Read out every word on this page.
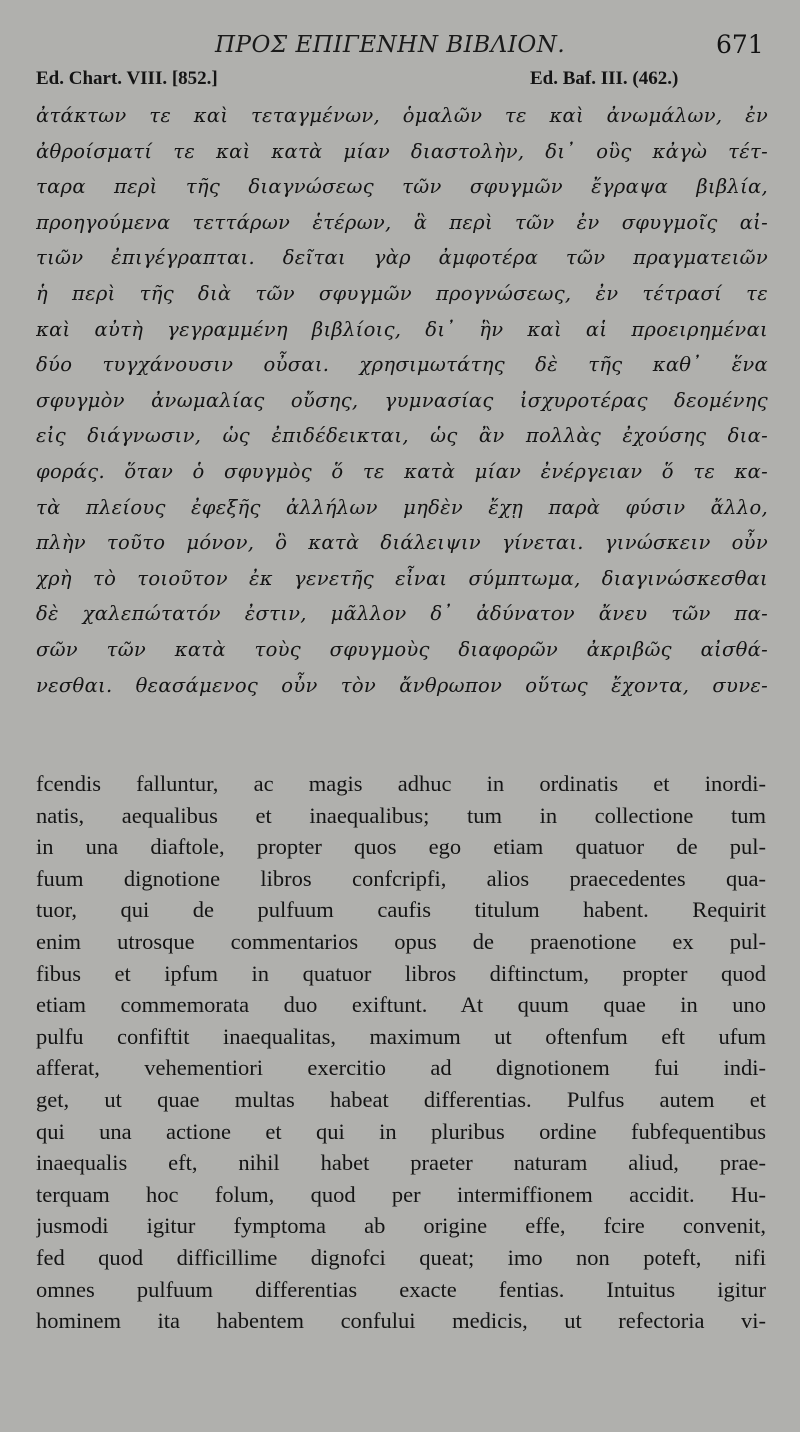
ΠΡΟΣ ΕΠΙΓΕΝΗΝ ΒΙΒΛΙΟΝ.	671
Ed. Chart. VIII. [852.]	Ed. Baf. III. (462.)
ἀτάκτων τε καὶ τεταγμένων, ὁμαλῶν τε καὶ ἀνωμάλων, ἐν
ἀθροίσματί τε καὶ κατὰ μίαν διαστολὴν, δι᾽ οὓς κἀγὼ τέτ-
ταρα περὶ τῆς διαγνώσεως τῶν σφυγμῶν ἔγραψα βιβλία,
προηγούμενα τεττάρων ἑτέρων, ἃ περὶ τῶν ἐν σφυγμοῖς αἰ-
τιῶν ἐπιγέγραπται. δεῖται γὰρ ἀμφοτέρα τῶν πραγματειῶν
ἡ περὶ τῆς διὰ τῶν σφυγμῶν προγνώσεως, ἐν τέτρασί τε
καὶ αὐτὴ γεγραμμένη βιβλίοις, δι᾽ ἣν καὶ αἱ προειρημέναι
δύο τυγχάνουσιν οὖσαι. χρησιμωτάτης δὲ τῆς καθ᾽ ἕνα
σφυγμὸν ἀνωμαλίας οὔσης, γυμνασίας ἰσχυροτέρας δεομένης
εἰς διάγνωσιν, ὡς ἐπιδέδεικται, ὡς ἂν πολλὰς ἐχούσης δια-
φοράς. ὅταν ὁ σφυγμὸς ὅ τε κατὰ μίαν ἐνέργειαν ὅ τε κα-
τὰ πλείους ἐφεξῆς ἀλλήλων μηδὲν ἔχῃ παρὰ φύσιν ἄλλο,
πλὴν τοῦτο μόνον, ὃ κατὰ διάλειψιν γίνεται. γινώσκειν οὖν
χρὴ τὸ τοιοῦτον ἐκ γενετῆς εἶναι σύμπτωμα, διαγινώσκεσθαι
δὲ χαλεπώτατόν ἐστιν, μᾶλλον δ᾽ ἀδύνατον ἄνευ τῶν πα-
σῶν τῶν κατὰ τοὺς σφυγμοὺς διαφορῶν ἀκριβῶς αἰσθά-
νεσθαι. θεασάμενος οὖν τὸν ἄνθρωπον οὕτως ἔχοντα, συνε-
fcendis falluntur, ac magis adhuc in ordinatis et inordi-
natis, aequalibus et inaequalibus; tum in collectione tum
in una diaftole, propter quos ego etiam quatuor de pul-
fuum dignotione libros confcripfi, alios praecedentes qua-
tuor, qui de pulfuum caufis titulum habent. Requirit
enim utrosque commentarios opus de praenotione ex pul-
fibus et ipfum in quatuor libros diftinctum, propter quod
etiam commemorata duo exiftunt. At quum quae in uno
pulfu confiftit inaequalitas, maximum ut oftenfum eft ufum
afferat, vehementiori exercitio ad dignotionem fui indi-
get, ut quae multas habeat differentias. Pulfus autem et
qui una actione et qui in pluribus ordine fubfequentibus
inaequalis eft, nihil habet praeter naturam aliud, prae-
terquam hoc folum, quod per intermiffionem accidit. Hu-
jusmodi igitur fymptoma ab origine effe, fcire convenit,
fed quod difficillime dignofci queat; imo non poteft, nifi
omnes pulfuum differentias exacte fentias. Intuitus igitur
hominem ita habentem confului medicis, ut refectoria vi-
